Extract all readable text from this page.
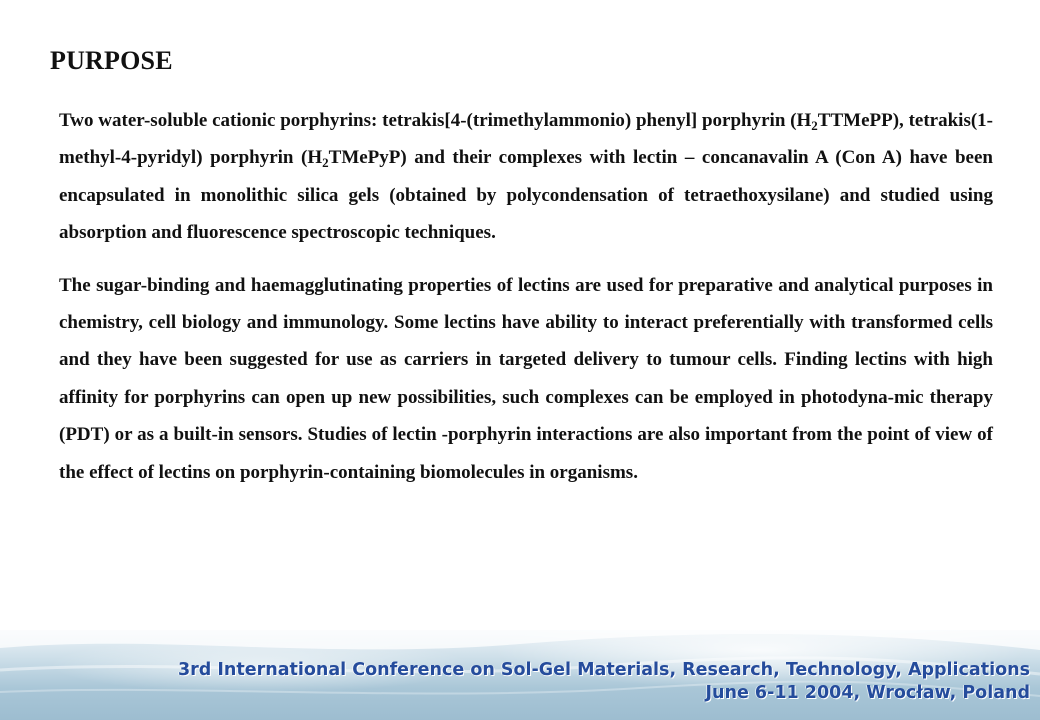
PURPOSE

Two water-soluble cationic porphyrins: tetrakis[4-(trimethylammonio) phenyl] porphyrin $(H_2TTMePP)$, tetrakis(1-methyl-4-pyridyl) porphyrin $(H_2TMePyP)$ and their complexes with lectin – concanavalin A (Con A) have been encapsulated in monolithic silica gels (obtained by polycondensation of tetraethoxysilane) and studied using absorption and fluorescence spectroscopic techniques.

The sugar-binding and haemagglutinating properties of lectins are used for preparative and analytical purposes in chemistry, cell biology and immunology. Some lectins have ability to interact preferentially with transformed cells and they have been suggested for use as carriers in targeted delivery to tumour cells. Finding lectins with high affinity for porphyrins can open up new possibilities, such complexes can be employed in photodyna-mic therapy (PDT) or as a built-in sensors. Studies of lectin -porphyrin interactions are also important from the point of view of the effect of lectins on porphyrin-containing biomolecules in organisms.

3rd International Conference on Sol-Gel Materials, Research, Technology, Applications
June 6-11 2004, Wrocław, Poland
